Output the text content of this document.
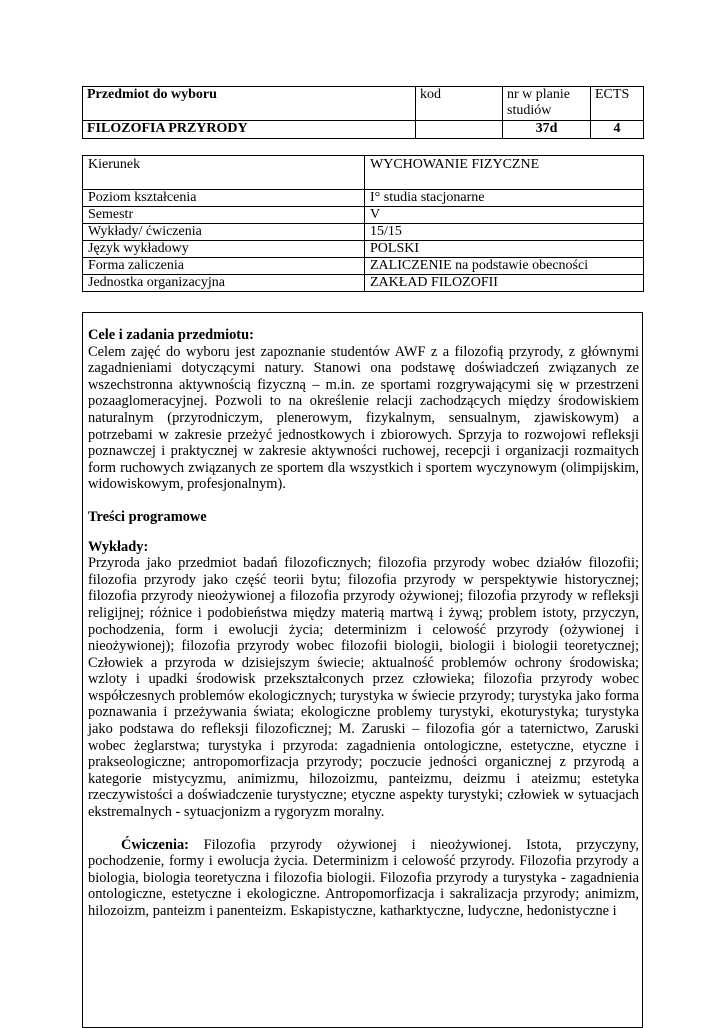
Przedmiot do wyboru	kod	nr w planie studiów	ECTS
FILOZOFIA PRZYRODY		37d	4
Kierunek	WYCHOWANIE FIZYCZNE
Poziom kształcenia	I° studia stacjonarne
Semestr	V
Wykłady/ ćwiczenia	15/15
Język wykładowy	POLSKI
Forma zaliczenia	ZALICZENIE na podstawie obecności
Jednostka organizacyjna	ZAKŁAD FILOZOFII

Cele i zadania przedmiotu:

Celem zajęć do wyboru jest zapoznanie studentów AWF z a filozofią przyrody, z głównymi zagadnieniami dotyczącymi natury. Stanowi ona podstawę doświadczeń związanych ze wszechstronna aktywnością fizyczną – m.in. ze sportami rozgrywającymi się w przestrzeni pozaaglomeracyjnej. Pozwoli to na określenie relacji zachodzących między środowiskiem naturalnym (przyrodniczym, plenerowym, fizykalnym, sensualnym, zjawiskowym) a potrzebami w zakresie przeżyć jednostkowych i zbiorowych. Sprzyja to rozwojowi refleksji poznawczej i praktycznej w zakresie aktywności ruchowej, recepcji i organizacji rozmaitych form ruchowych związanych ze sportem dla wszystkich i sportem wyczynowym (olimpijskim, widowiskowym, profesjonalnym).

Treści programowe

Wykłady:

Przyroda jako przedmiot badań filozoficznych; filozofia przyrody wobec działów filozofii; filozofia przyrody jako część teorii bytu; filozofia przyrody w perspektywie historycznej; filozofia przyrody nieożywionej a filozofia przyrody ożywionej; filozofia przyrody w refleksji religijnej; różnice i podobieństwa między materią martwą i żywą; problem istoty, przyczyn, pochodzenia, form i ewolucji życia; determinizm i celowość przyrody (ożywionej i nieożywionej); filozofia przyrody wobec filozofii biologii, biologii i biologii teoretycznej; Człowiek a przyroda w dzisiejszym świecie; aktualność problemów ochrony środowiska; wzloty i upadki środowisk przekształconych przez człowieka; filozofia przyrody wobec współczesnych problemów ekologicznych; turystyka w świecie przyrody; turystyka jako forma poznawania i przeżywania świata; ekologiczne problemy turystyki, ekoturystyka; turystyka jako podstawa do refleksji filozoficznej; M. Zaruski – filozofia gór a taternictwo, Zaruski wobec żeglarstwa; turystyka i przyroda: zagadnienia ontologiczne, estetyczne, etyczne i prakseologiczne; antropomorfizacja przyrody; poczucie jedności organicznej z przyrodą a kategorie mistycyzmu, animizmu, hilozoizmu, panteizmu, deizmu i ateizmu; estetyka rzeczywistości a doświadczenie turystyczne; etyczne aspekty turystyki; człowiek w sytuacjach ekstremalnych - sytuacjonizm a rygoryzm moralny.

Ćwiczenia: Filozofia przyrody ożywionej i nieożywionej. Istota, przyczyny, pochodzenie, formy i ewolucja życia. Determinizm i celowość przyrody. Filozofia przyrody a biologia, biologia teoretyczna i filozofia biologii. Filozofia przyrody a turystyka - zagadnienia ontologiczne, estetyczne i ekologiczne. Antropomorfizacja i sakralizacja przyrody; animizm, hilozoizm, panteizm i panenteizm. Eskapistyczne, katharktyczne, ludyczne, hedonistyczne i
